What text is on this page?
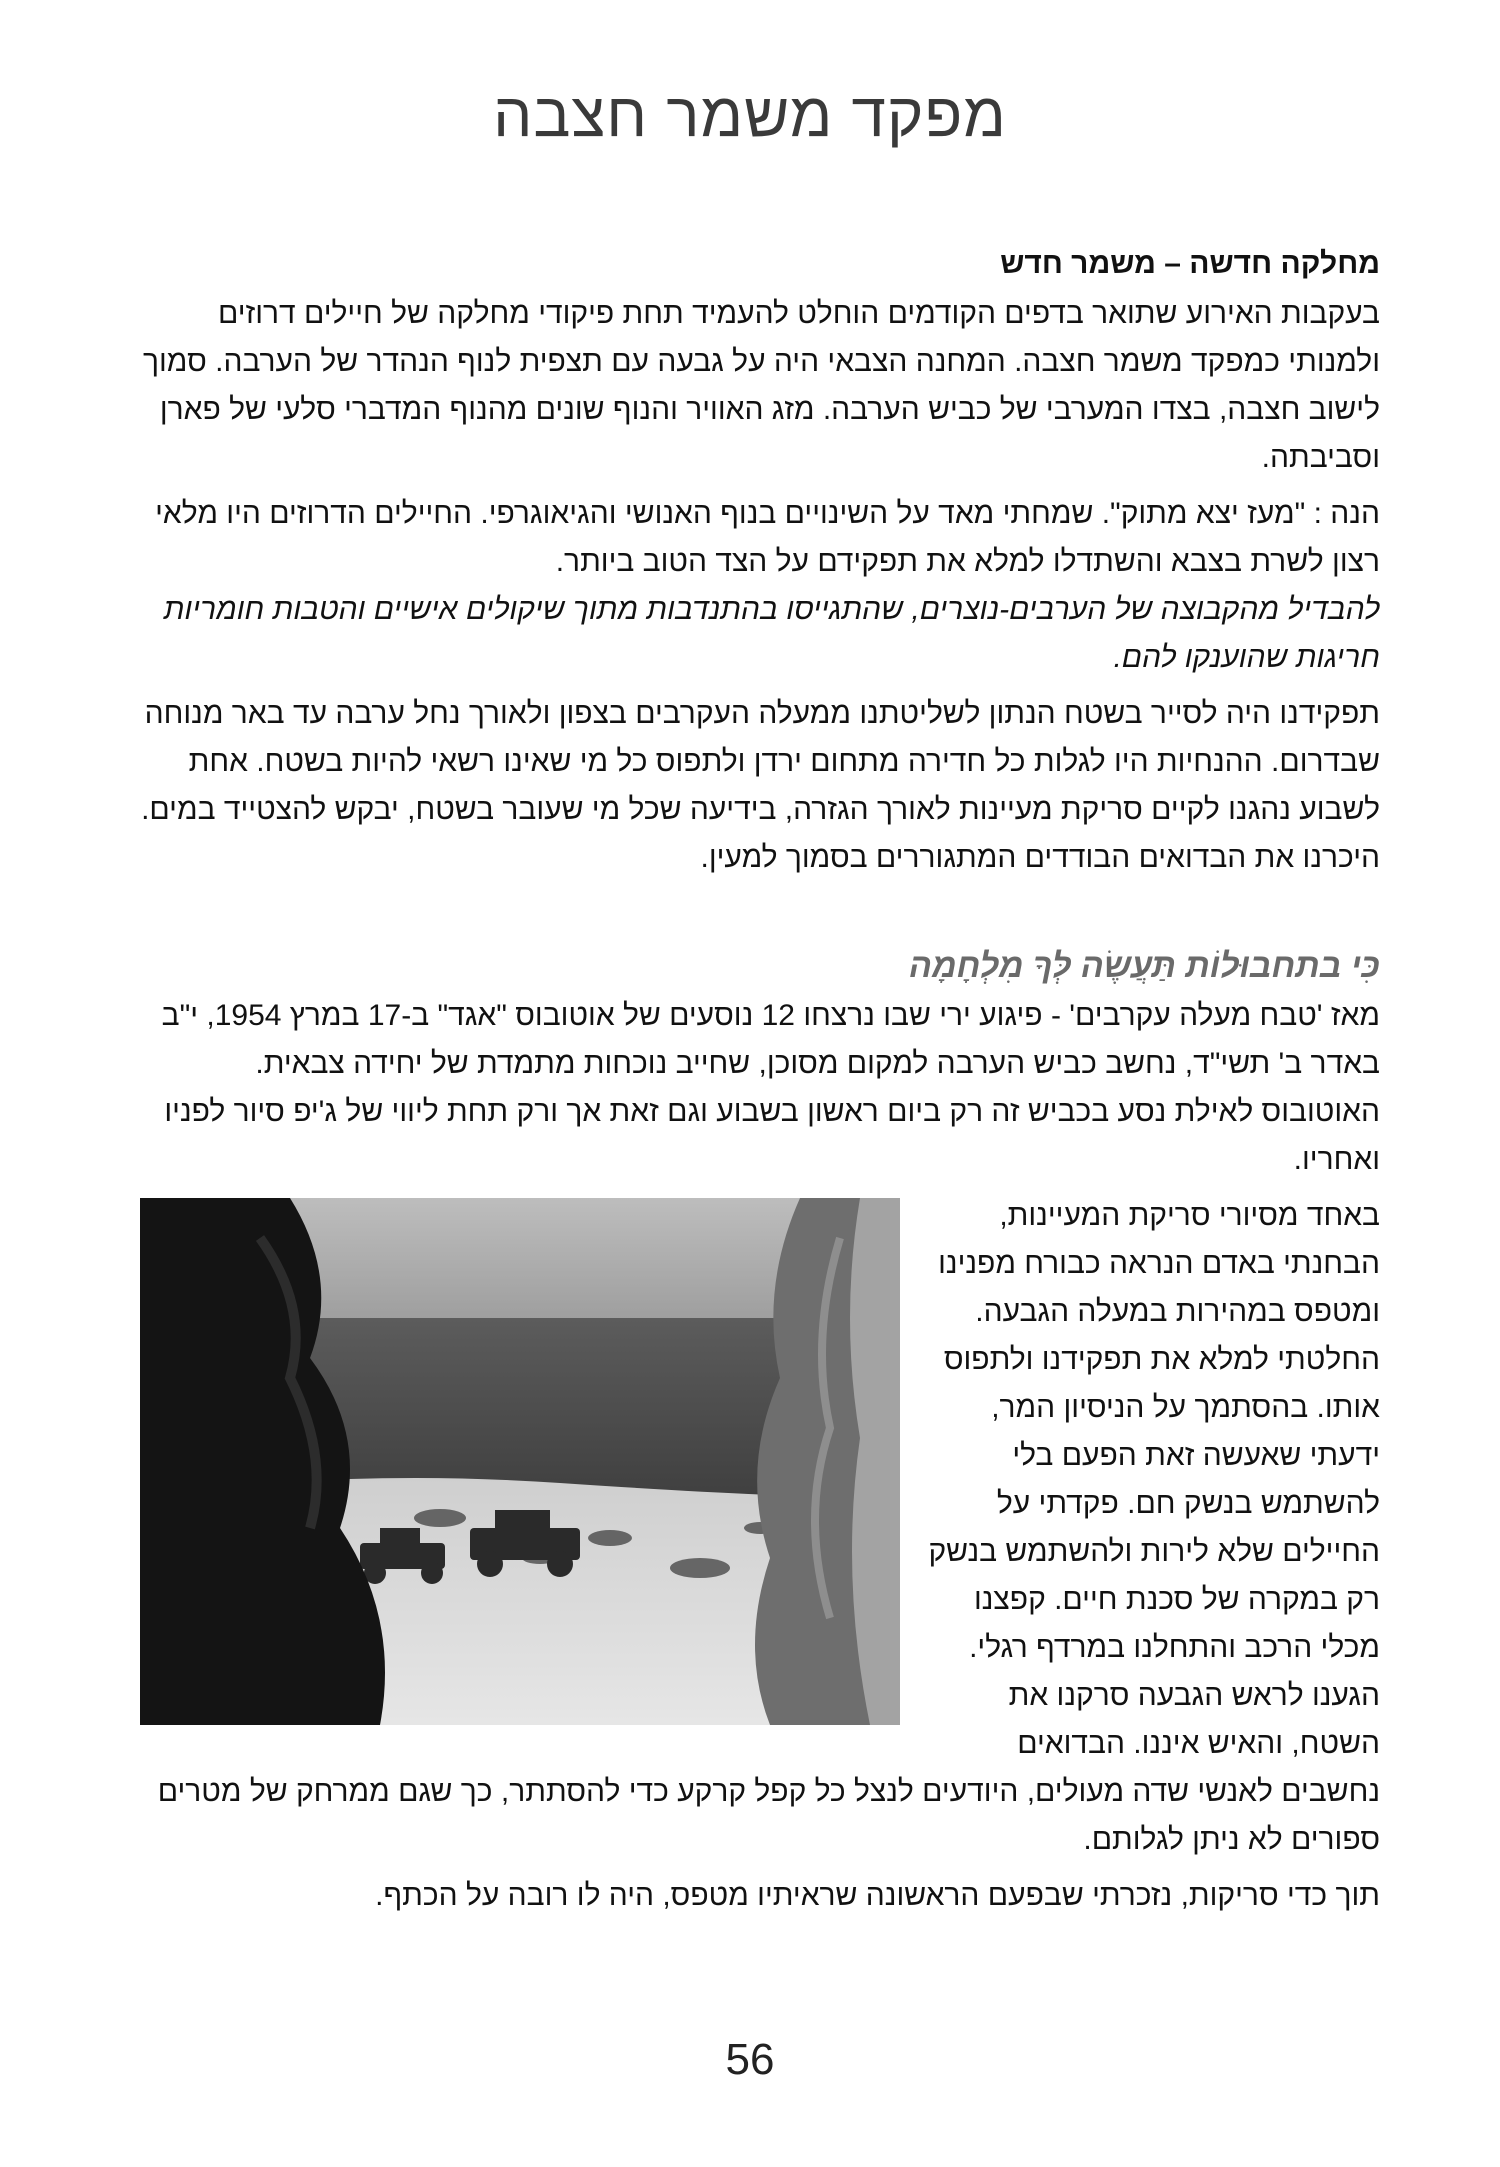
מפקד משמר חצבה
מחלקה חדשה – משמר חדש

בעקבות האירוע שתואר בדפים הקודמים הוחלט להעמיד תחת פיקודי מחלקה של חיילים דרוזים ולמנותי כמפקד משמר חצבה. המחנה הצבאי היה על גבעה עם תצפית לנוף הנהדר של הערבה. סמוך לישוב חצבה, בצדו המערבי של כביש הערבה. מזג האוויר והנוף שונים מהנוף המדברי סלעי של פארן וסביבתה.

הנה : "מעז יצא מתוק". שמחתי מאד על השינויים בנוף האנושי והגיאוגרפי. החיילים הדרוזים היו מלאי רצון לשרת בצבא והשתדלו למלא את תפקידם על הצד הטוב ביותר.
להבדיל מהקבוצה של הערבים-נוצרים, שהתגייסו בהתנדבות מתוך שיקולים אישיים והטבות חומריות חריגות שהוענקו להם.

תפקידנו היה לסייר בשטח הנתון לשליטתנו ממעלה העקרבים בצפון ולאורך נחל ערבה עד באר מנוחה שבדרום. ההנחיות היו לגלות כל חדירה מתחום ירדן ולתפוס כל מי שאינו רשאי להיות בשטח. אחת לשבוע נהגנו לקיים סריקת מעיינות לאורך הגזרה, בידיעה שכל מי שעובר בשטח, יבקש להצטייד במים. היכרנו את הבדואים הבודדים המתגוררים בסמוך למעין.

כִּי בתחבוּלוֹת תַּעֲשֶׂה לְּךָ מִלְחָמָה

מאז 'טבח מעלה עקרבים' - פיגוע ירי שבו נרצחו 12 נוסעים של אוטובוס "אגד" ב-17 במרץ 1954, י"ב באדר ב' תשי"ד, נחשב כביש הערבה למקום מסוכן, שחייב נוכחות מתמדת של יחידה צבאית. האוטובוס לאילת נסע בכביש זה רק ביום ראשון בשבוע וגם זאת אך ורק תחת ליווי של ג'יפ סיור לפניו ואחריו.

באחד מסיורי סריקת המעיינות, הבחנתי באדם הנראה כבורח מפנינו ומטפס במהירות במעלה הגבעה. החלטתי למלא את תפקידנו ולתפוס אותו. בהסתמך על הניסיון המר, ידעתי שאעשה זאת הפעם בלי להשתמש בנשק חם. פקדתי על החיילים שלא לירות ולהשתמש בנשק רק במקרה של סכנת חיים. קפצנו מכלי הרכב והתחלנו במרדף רגלי. הגענו לראש הגבעה סרקנו את השטח, והאיש איננו. הבדואים נחשבים לאנשי שדה מעולים, היודעים לנצל כל קפל קרקע כדי להסתתר, כך שגם ממרחק של מטרים ספורים לא ניתן לגלותם.

תוך כדי סריקות, נזכרתי שבפעם הראשונה שראיתיו מטפס, היה לו רובה על הכתף.

56
